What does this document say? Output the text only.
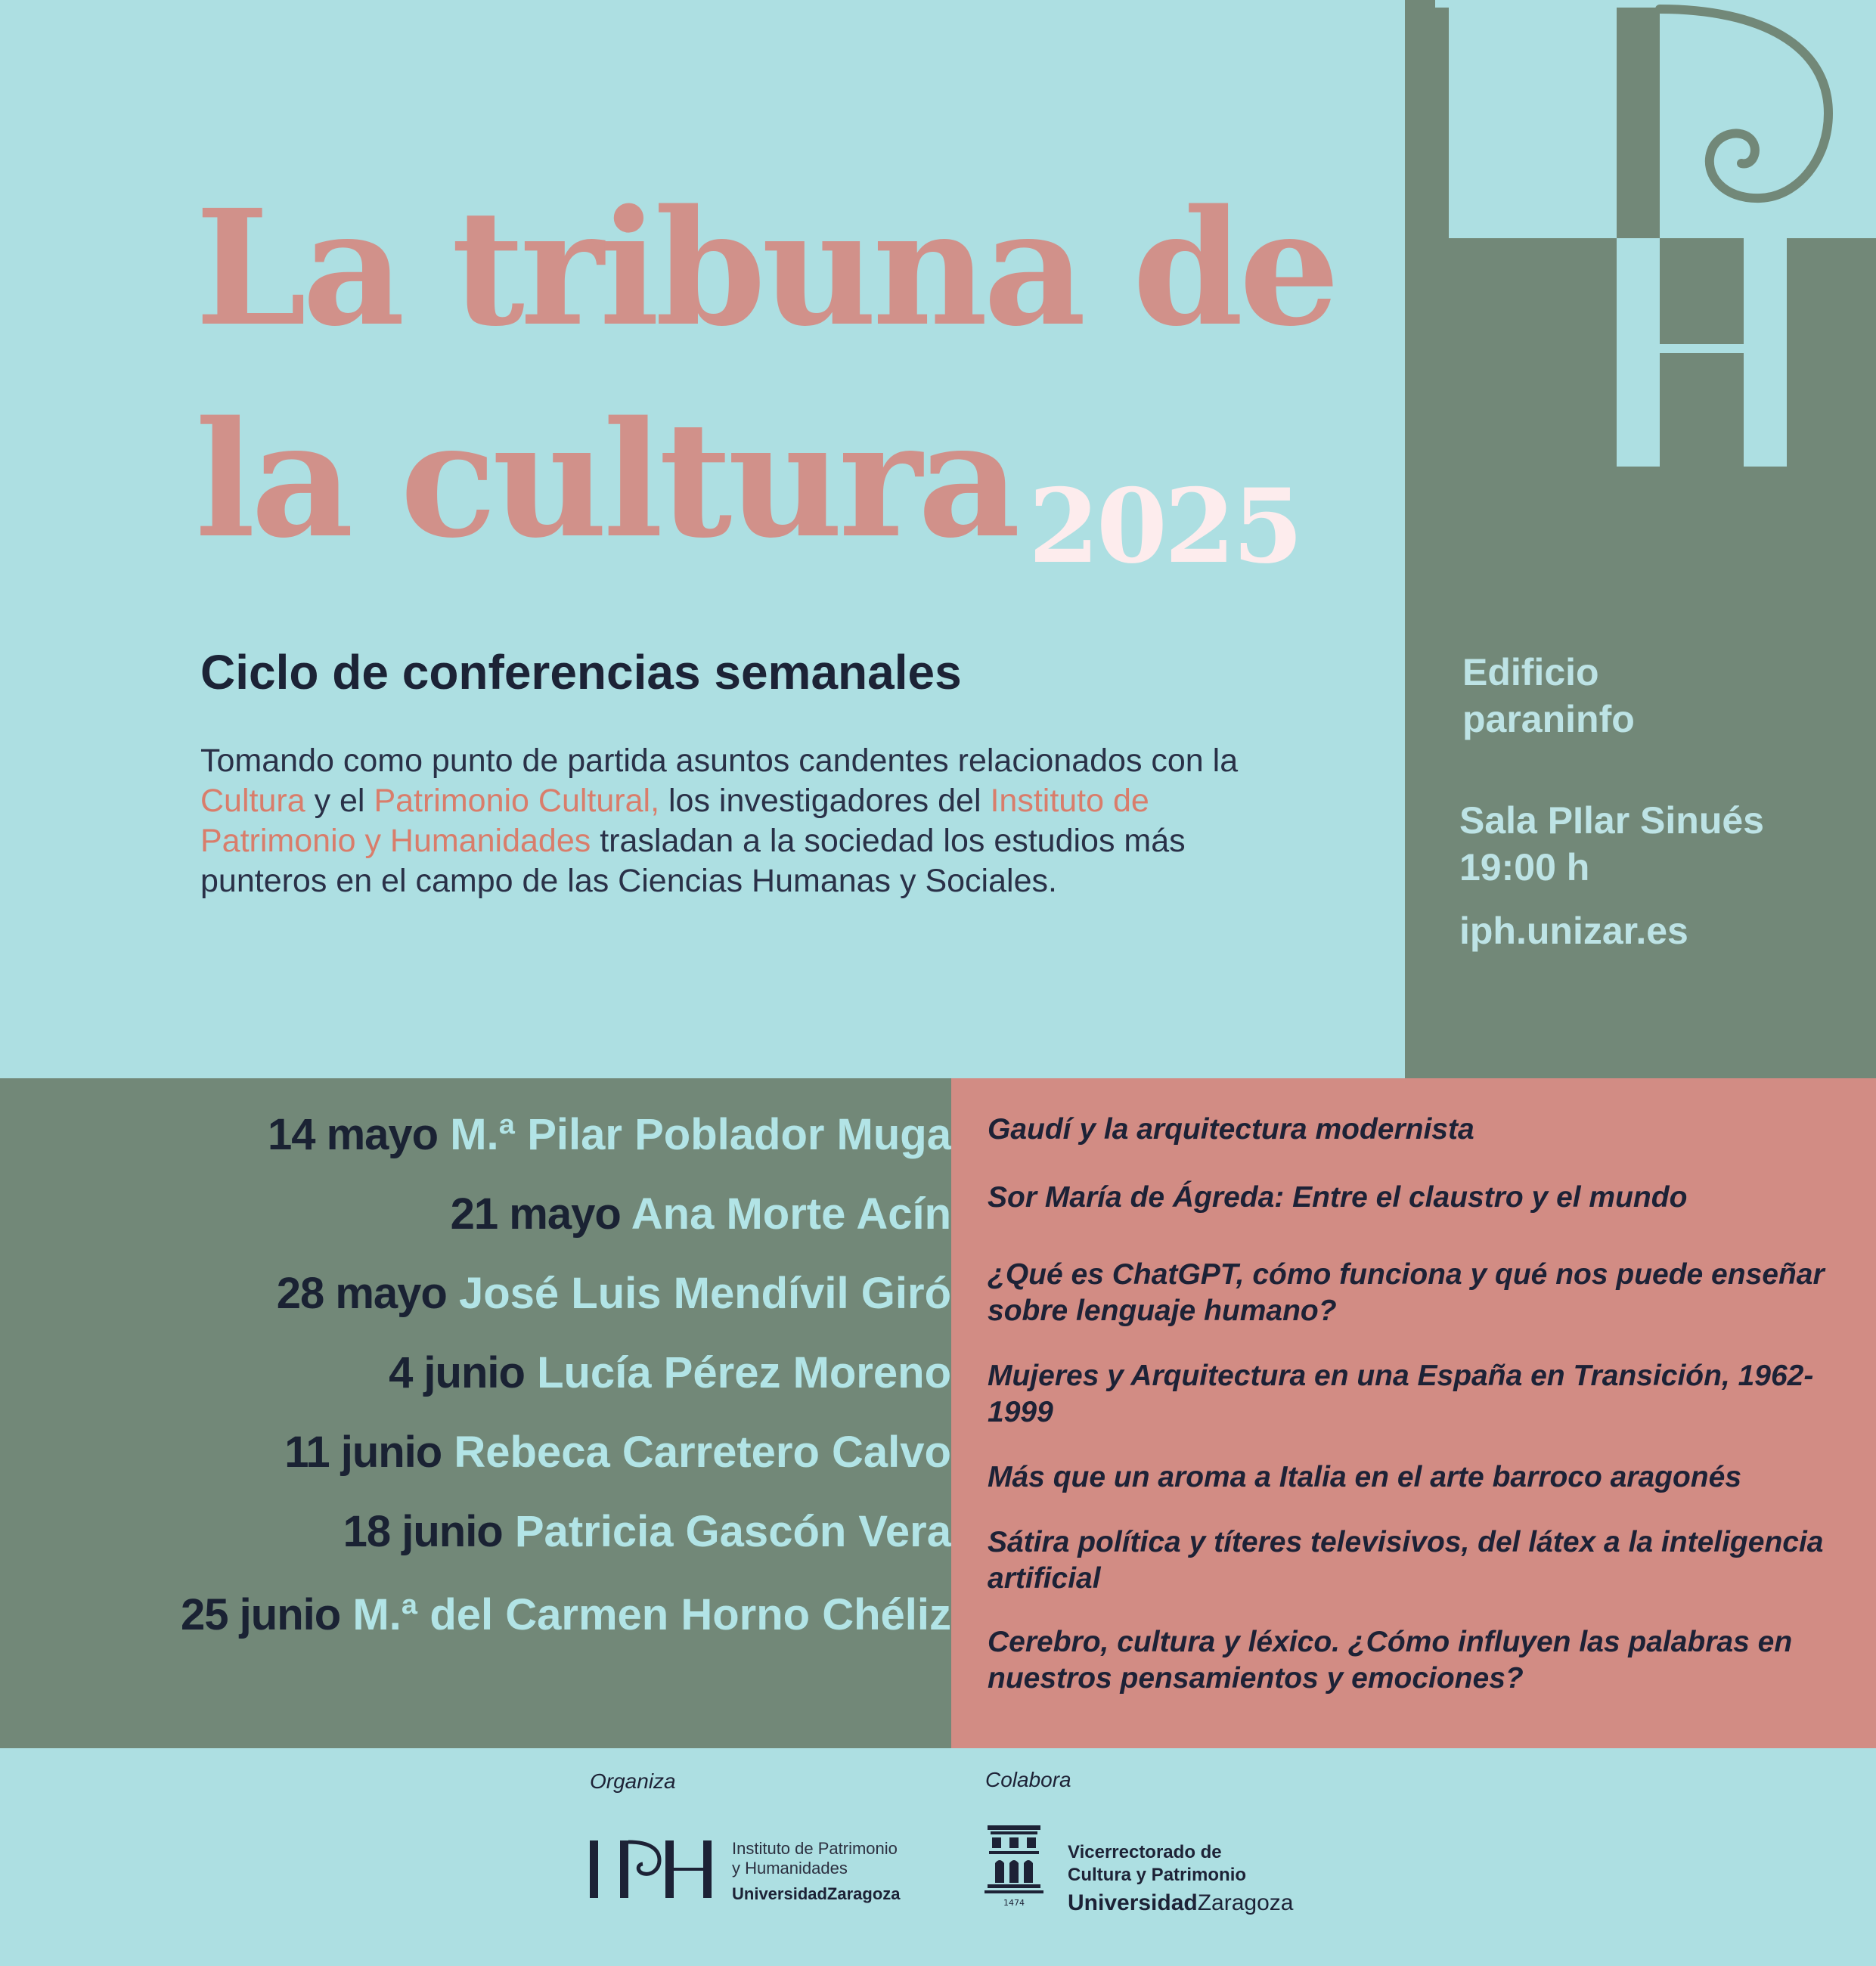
La tribuna de
la cultura 2025
Ciclo de conferencias semanales
Tomando como punto de partida asuntos candentes relacionados con la Cultura y el Patrimonio Cultural, los investigadores del Instituto de Patrimonio y Humanidades trasladan a la sociedad los estudios más punteros en el campo de las Ciencias Humanas y Sociales.
Edificio
paraninfo
Sala PIlar Sinués
19:00 h
iph.unizar.es
14 mayo M.ª Pilar Poblador Muga
21 mayo Ana Morte Acín
28 mayo José Luis Mendívil Giró
4 junio Lucía Pérez Moreno
11 junio Rebeca Carretero Calvo
18 junio Patricia Gascón Vera
25 junio M.ª del Carmen Horno Chéliz
Gaudí y la arquitectura modernista
Sor María de Ágreda: Entre el claustro y el mundo
¿Qué es ChatGPT, cómo funciona y qué nos puede enseñar sobre lenguaje humano?
Mujeres y Arquitectura en una España en Transición, 1962-1999
Más que un aroma a Italia en el arte barroco aragonés
Sátira política y títeres televisivos, del látex a la inteligencia artificial
Cerebro, cultura y léxico. ¿Cómo influyen las palabras en nuestros pensamientos y emociones?
Organiza	Colabora
Instituto de Patrimonio
y Humanidades
UniversidadZaragoza	1474
Vicerrectorado de
Cultura y Patrimonio
UniversidadZaragoza
